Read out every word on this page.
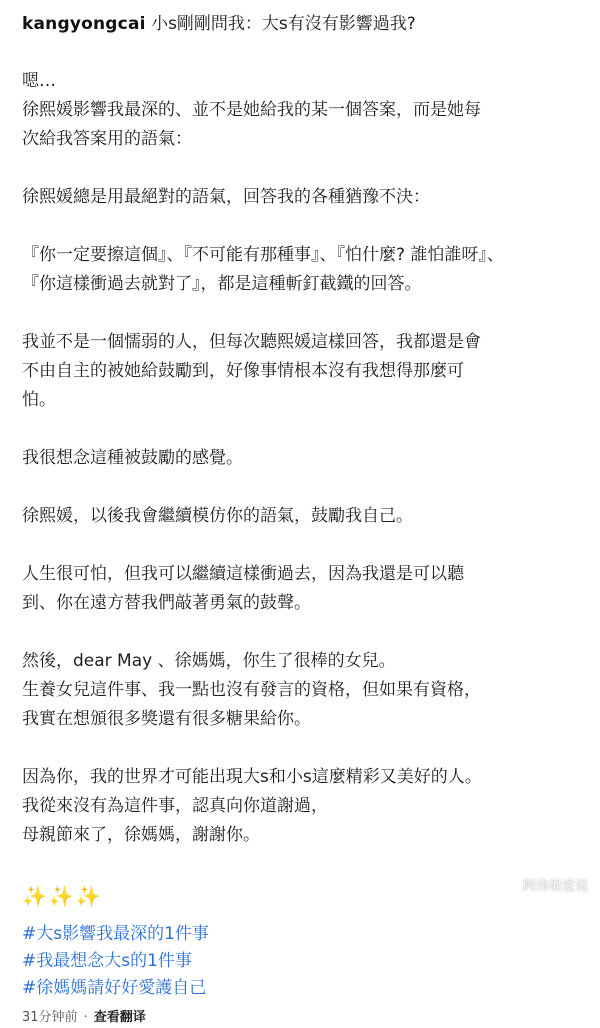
kangyongcai 小s剛剛問我：大s有沒有影響過我?

嗯…
徐熙媛影響我最深的、並不是她給我的某一個答案，而是她每
次給我答案用的語氣：
徐熙媛總是用最絕對的語氣，回答我的各種猶豫不決：
『你一定要擦這個』、『不可能有那種事』、『怕什麼? 誰怕誰呀』、
『你這樣衝過去就對了』，都是這種斬釘截鐵的回答。
我並不是一個懦弱的人，但每次聽熙媛這樣回答，我都還是會
不由自主的被她給鼓勵到，好像事情根本沒有我想得那麼可
怕。
我很想念這種被鼓勵的感覺。
徐熙媛，以後我會繼續模仿你的語氣，鼓勵我自己。
人生很可怕，但我可以繼續這樣衝過去，因為我還是可以聽
到、你在遠方替我們敲著勇氣的鼓聲。
然後，dear May 、徐媽媽，你生了很棒的女兒。
生養女兒這件事、我一點也沒有發言的資格，但如果有資格，
我實在想頒很多獎還有很多糖果給你。
因為你，我的世界才可能出現大s和小s這麼精彩又美好的人。
我從來沒有為這件事，認真向你道謝過，
母親節來了，徐媽媽，謝謝你。
✨✨✨
#大s影響我最深的1件事
#我最想念大s的1件事
#徐媽媽請好好愛護自己
31分钟前 · 查看翻译
阿伟很爱说
